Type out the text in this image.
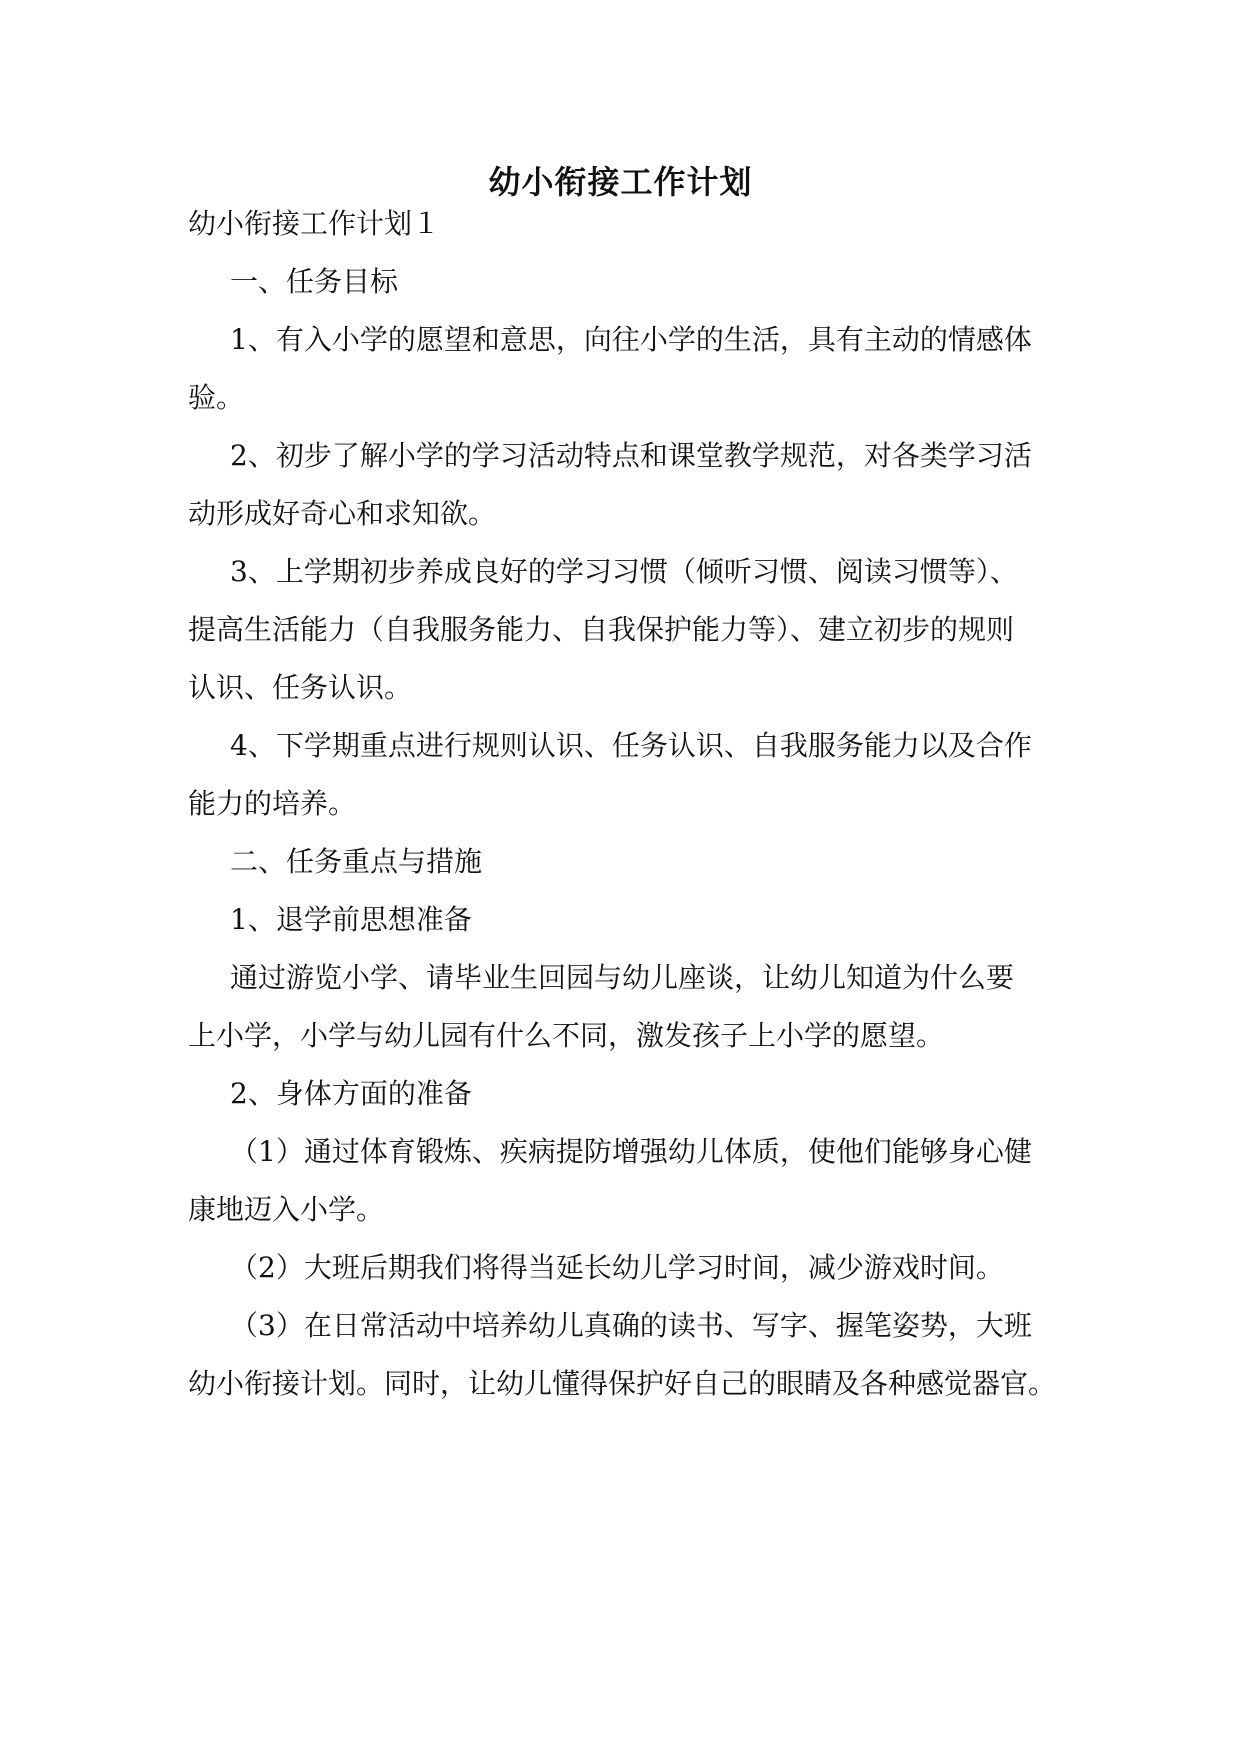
幼小衔接工作计划
幼小衔接工作计划１
一、任务目标
1、有入小学的愿望和意思，向往小学的生活，具有主动的情感体
验。
2、初步了解小学的学习活动特点和课堂教学规范，对各类学习活
动形成好奇心和求知欲。
3、上学期初步养成良好的学习习惯（倾听习惯、阅读习惯等）、
提高生活能力（自我服务能力、自我保护能力等）、建立初步的规则
认识、任务认识。
4、下学期重点进行规则认识、任务认识、自我服务能力以及合作
能力的培养。
二、任务重点与措施
1、退学前思想准备
通过游览小学、请毕业生回园与幼儿座谈，让幼儿知道为什么要
上小学，小学与幼儿园有什么不同，激发孩子上小学的愿望。
2、身体方面的准备
（1）通过体育锻炼、疾病提防增强幼儿体质，使他们能够身心健
康地迈入小学。
（2）大班后期我们将得当延长幼儿学习时间，减少游戏时间。
（3）在日常活动中培养幼儿真确的读书、写字、握笔姿势，大班
幼小衔接计划。同时，让幼儿懂得保护好自己的眼睛及各种感觉器官。
